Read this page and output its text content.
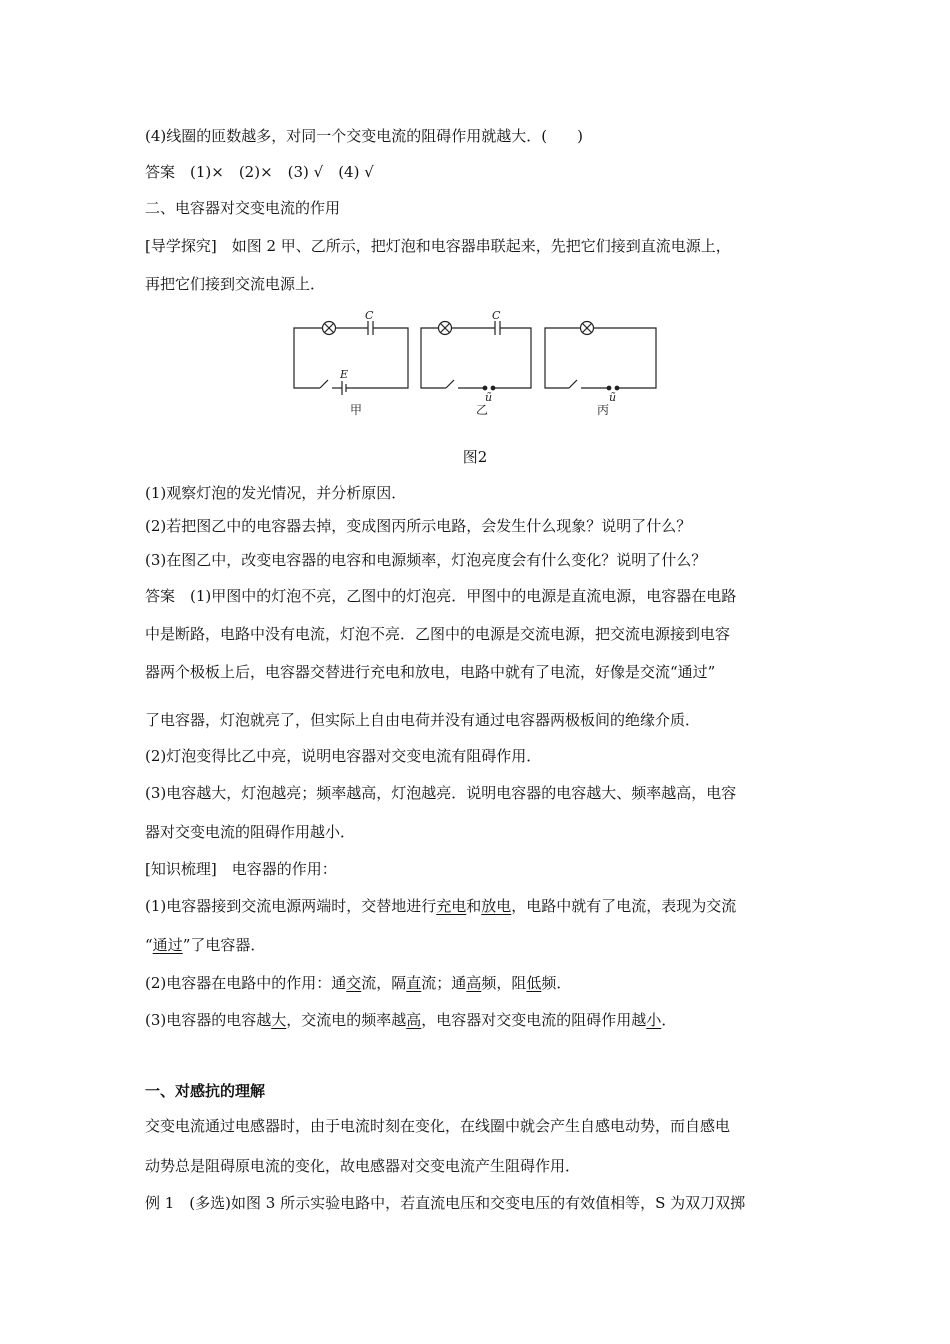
(4)线圈的匝数越多，对同一个交变电流的阻碍作用就越大．(　　)
答案　(1)×　(2)×　(3) √　(4) √
二、电容器对交变电流的作用
[导学探究]　如图 2 甲、乙所示，把灯泡和电容器串联起来，先把它们接到直流电源上，
再把它们接到交流电源上．
C
E
C
ũ	ũ
甲	乙	丙
图2
(1)观察灯泡的发光情况，并分析原因．
(2)若把图乙中的电容器去掉，变成图丙所示电路，会发生什么现象？说明了什么？
(3)在图乙中，改变电容器的电容和电源频率，灯泡亮度会有什么变化？说明了什么？
答案　(1)甲图中的灯泡不亮，乙图中的灯泡亮．甲图中的电源是直流电源，电容器在电路
中是断路，电路中没有电流，灯泡不亮．乙图中的电源是交流电源，把交流电源接到电容
器两个极板上后，电容器交替进行充电和放电，电路中就有了电流，好像是交流“通过”
了电容器，灯泡就亮了，但实际上自由电荷并没有通过电容器两极板间的绝缘介质．
(2)灯泡变得比乙中亮，说明电容器对交变电流有阻碍作用．
(3)电容越大，灯泡越亮；频率越高，灯泡越亮．说明电容器的电容越大、频率越高，电容
器对交变电流的阻碍作用越小．
[知识梳理]　电容器的作用：
(1)电容器接到交流电源两端时，交替地进行充电和放电，电路中就有了电流，表现为交流
“通过”了电容器．
(2)电容器在电路中的作用：通交流，隔直流；通高频，阻低频．
(3)电容器的电容越大，交流电的频率越高，电容器对交变电流的阻碍作用越小．
一、对感抗的理解
交变电流通过电感器时，由于电流时刻在变化，在线圈中就会产生自感电动势，而自感电
动势总是阻碍原电流的变化，故电感器对交变电流产生阻碍作用．
例 1　(多选)如图 3 所示实验电路中，若直流电压和交变电压的有效值相等，S 为双刀双掷
